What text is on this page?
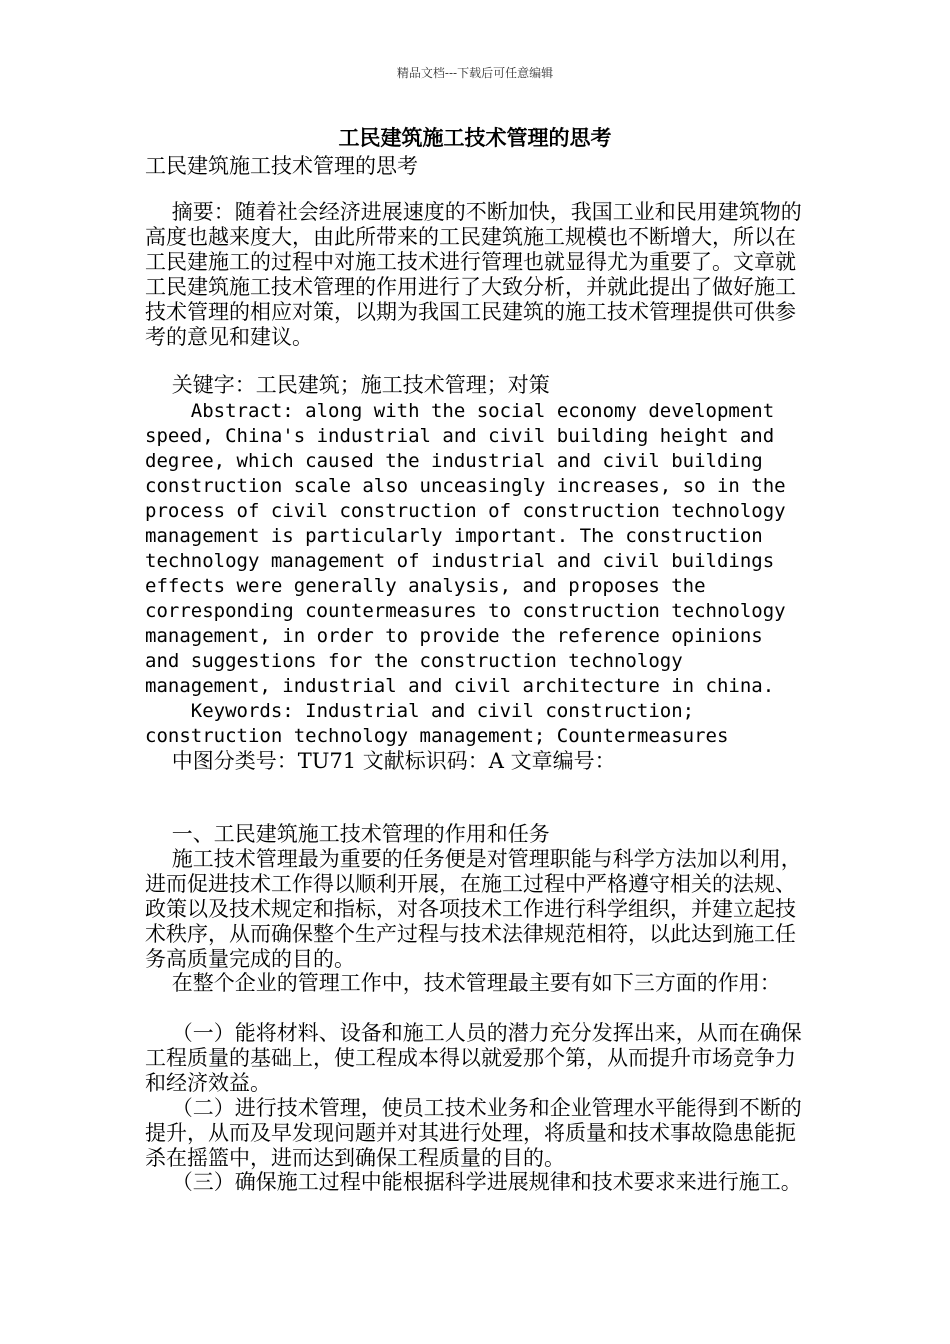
精品文档---下载后可任意编辑
工民建筑施工技术管理的思考
工民建筑施工技术管理的思考
摘要：随着社会经济进展速度的不断加快，我国工业和民用建筑物的高度也越来度大，由此所带来的工民建筑施工规模也不断增大，所以在工民建施工的过程中对施工技术进行管理也就显得尤为重要了。文章就工民建筑施工技术管理的作用进行了大致分析，并就此提出了做好施工技术管理的相应对策，以期为我国工民建筑的施工技术管理提供可供参考的意见和建议。
关键字：工民建筑；施工技术管理；对策
Abstract: along with the social economy development speed, China's industrial and civil building height and degree, which caused the industrial and civil building construction scale also unceasingly increases, so in the process of civil construction of construction technology management is particularly important. The construction technology management of industrial and civil buildings effects were generally analysis, and proposes the corresponding countermeasures to construction technology management, in order to provide the reference opinions and suggestions for the construction technology management, industrial and civil architecture in china.
Keywords: Industrial and civil construction; construction technology management; Countermeasures
中图分类号：TU71 文献标识码：A 文章编号：
一、工民建筑施工技术管理的作用和任务
施工技术管理最为重要的任务便是对管理职能与科学方法加以利用，进而促进技术工作得以顺利开展，在施工过程中严格遵守相关的法规、政策以及技术规定和指标，对各项技术工作进行科学组织，并建立起技术秩序，从而确保整个生产过程与技术法律规范相符，以此达到施工任务高质量完成的目的。
在整个企业的管理工作中，技术管理最主要有如下三方面的作用：
（一）能将材料、设备和施工人员的潜力充分发挥出来，从而在确保工程质量的基础上，使工程成本得以就爱那个第，从而提升市场竞争力和经济效益。
（二）进行技术管理，使员工技术业务和企业管理水平能得到不断的提升，从而及早发现问题并对其进行处理，将质量和技术事故隐患能扼杀在摇篮中，进而达到确保工程质量的目的。
（三）确保施工过程中能根据科学进展规律和技术要求来进行施工。
